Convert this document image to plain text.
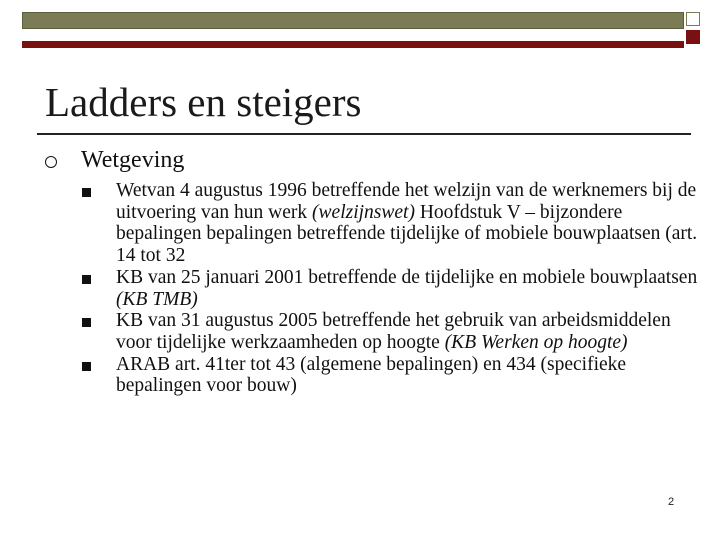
Ladders en steigers
Wetgeving

Wetvan 4 augustus 1996 betreffende het welzijn van de werknemers bij de uitvoering van hun werk (welzijnswet) Hoofdstuk V – bijzondere bepalingen bepalingen betreffende tijdelijke of mobiele bouwplaatsen (art. 14 tot 32

KB van 25 januari 2001 betreffende de tijdelijke en mobiele bouwplaatsen (KB TMB)

KB van 31 augustus 2005 betreffende het gebruik van arbeidsmiddelen voor tijdelijke werkzaamheden op hoogte (KB Werken op hoogte)

ARAB art. 41ter tot 43 (algemene bepalingen) en 434 (specifieke bepalingen voor bouw)

2
